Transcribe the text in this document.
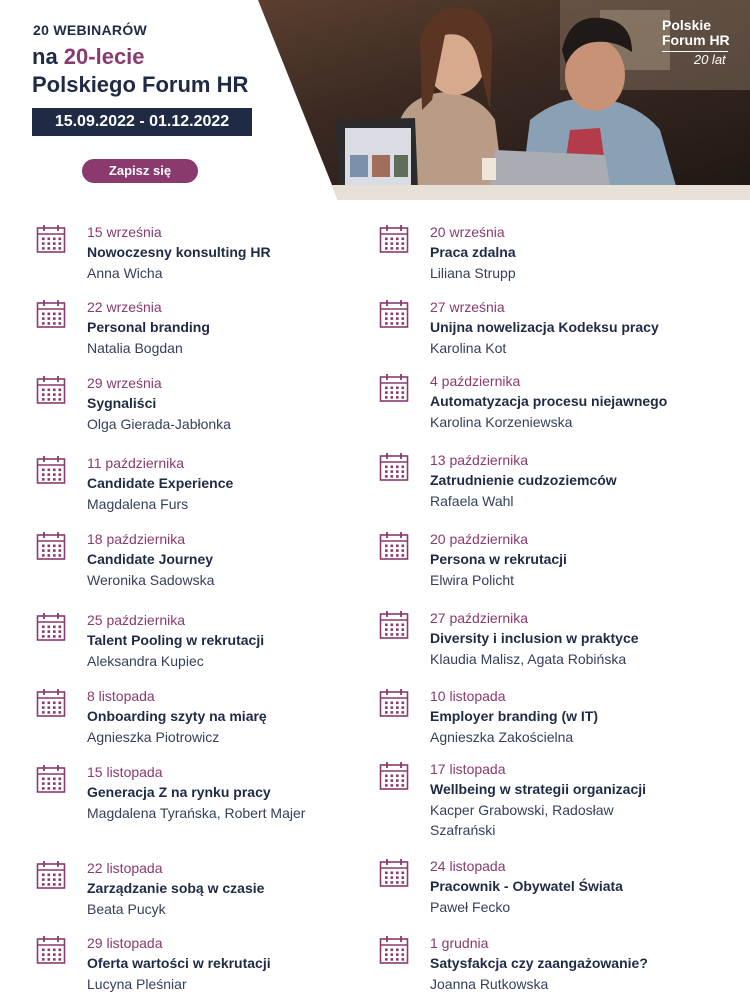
20 WEBINARÓW
na 20-lecie
Polskiego Forum HR
15.09.2022 - 01.12.2022
Zapisz się
Polskie
Forum HR
20 lat
15 września
Nowoczesny konsulting HR
Anna Wicha
22 września
Personal branding
Natalia Bogdan
29 września
Sygnaliści
Olga Gierada-Jabłonka
11 października
Candidate Experience
Magdalena Furs
18 października
Candidate Journey
Weronika Sadowska
25 października
Talent Pooling w rekrutacji
Aleksandra Kupiec
8 listopada
Onboarding szyty na miarę
Agnieszka Piotrowicz
15 listopada
Generacja Z na rynku pracy
Magdalena Tyrańska, Robert Majer
22 listopada
Zarządzanie sobą w czasie
Beata Pucyk
29 listopada
Oferta wartości w rekrutacji
Lucyna Pleśniar
20 września
Praca zdalna
Liliana Strupp
27 września
Unijna nowelizacja Kodeksu pracy
Karolina Kot
4 października
Automatyzacja procesu niejawnego
Karolina Korzeniewska
13 października
Zatrudnienie cudzoziemców
Rafaela Wahl
20 października
Persona w rekrutacji
Elwira Policht
27 października
Diversity i inclusion w praktyce
Klaudia Malisz, Agata Robińska
10 listopada
Employer branding (w IT)
Agnieszka Zakościelna
17 listopada
Wellbeing w strategii organizacji
Kacper Grabowski, Radosław Szafrański
24 listopada
Pracownik - Obywatel Świata
Paweł Fecko
1 grudnia
Satysfakcja czy zaangażowanie?
Joanna Rutkowska
